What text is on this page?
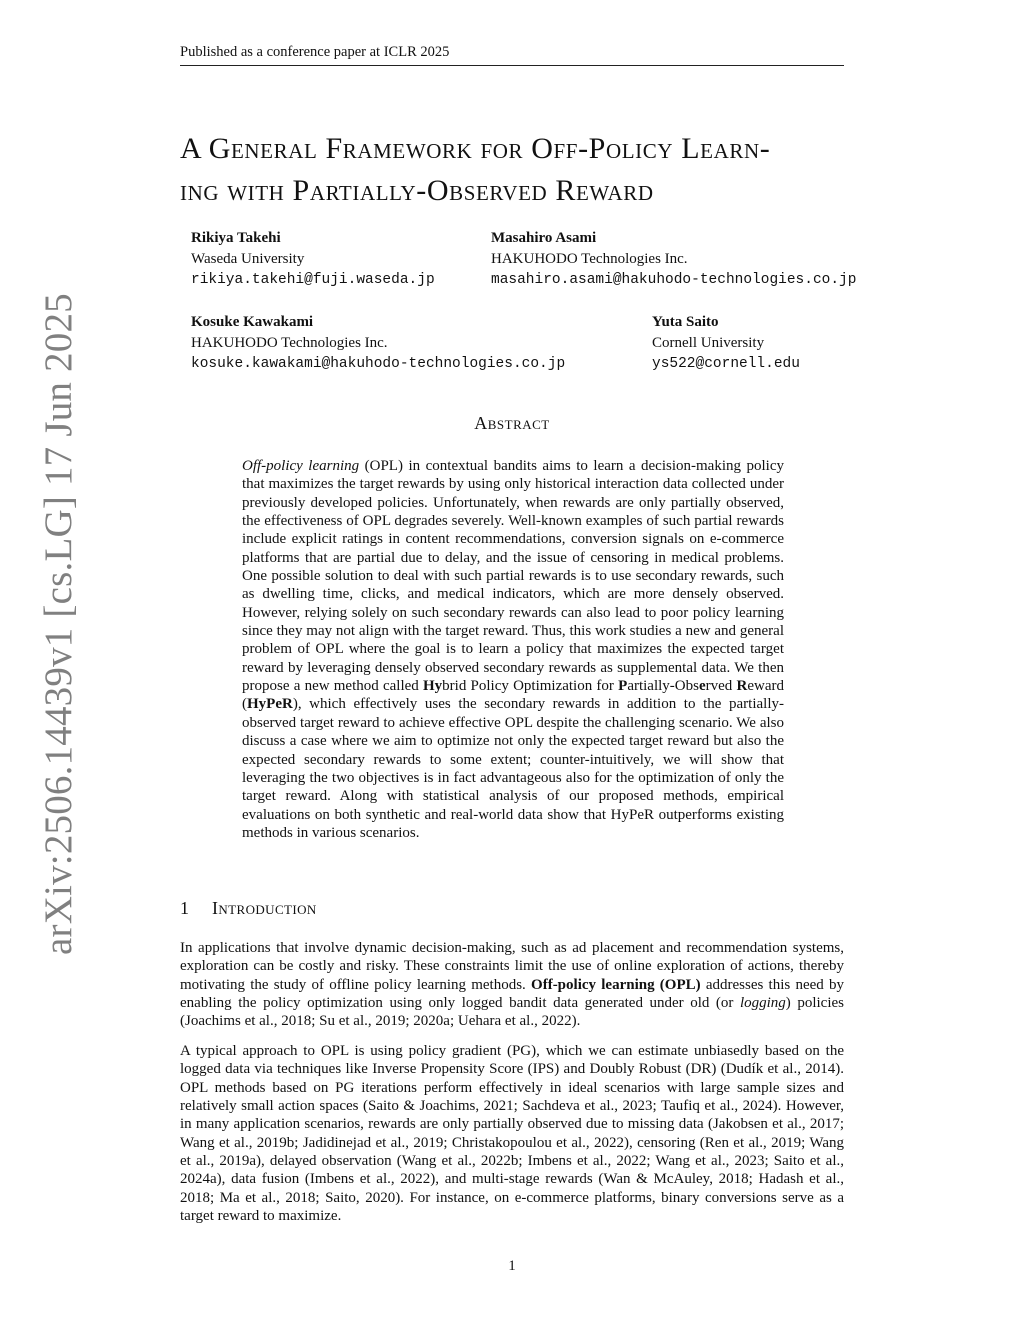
Published as a conference paper at ICLR 2025
arXiv:2506.14439v1 [cs.LG] 17 Jun 2025
A General Framework for Off-Policy Learn-
ing with Partially-Observed Reward
Rikiya Takehi
Waseda University
rikiya.takehi@fuji.waseda.jp
Masahiro Asami
HAKUHODO Technologies Inc.
masahiro.asami@hakuhodo-technologies.co.jp
Kosuke Kawakami
HAKUHODO Technologies Inc.
kosuke.kawakami@hakuhodo-technologies.co.jp
Yuta Saito
Cornell University
ys522@cornell.edu
Abstract
Off-policy learning (OPL) in contextual bandits aims to learn a decision-making policy that maximizes the target rewards by using only historical interaction data collected under previously developed policies. Unfortunately, when rewards are only partially observed, the effectiveness of OPL degrades severely. Well-known examples of such partial rewards include explicit ratings in content recommendations, conversion signals on e-commerce platforms that are partial due to delay, and the issue of censoring in medical problems. One possible solution to deal with such partial rewards is to use secondary rewards, such as dwelling time, clicks, and medical indicators, which are more densely observed. However, relying solely on such secondary rewards can also lead to poor policy learning since they may not align with the target reward. Thus, this work studies a new and general problem of OPL where the goal is to learn a policy that maximizes the expected target reward by leveraging densely observed secondary rewards as supplemental data. We then propose a new method called Hybrid Policy Optimization for Partially-Observed Reward (HyPeR), which effectively uses the secondary rewards in addition to the partially-observed target reward to achieve effective OPL despite the challenging scenario. We also discuss a case where we aim to optimize not only the expected target reward but also the expected secondary rewards to some extent; counter-intuitively, we will show that leveraging the two objectives is in fact advantageous also for the optimization of only the target reward. Along with statistical analysis of our proposed methods, empirical evaluations on both synthetic and real-world data show that HyPeR outperforms existing methods in various scenarios.
1 Introduction
In applications that involve dynamic decision-making, such as ad placement and recommendation systems, exploration can be costly and risky. These constraints limit the use of online exploration of actions, thereby motivating the study of offline policy learning methods. Off-policy learning (OPL) addresses this need by enabling the policy optimization using only logged bandit data generated under old (or logging) policies (Joachims et al., 2018; Su et al., 2019; 2020a; Uehara et al., 2022).
A typical approach to OPL is using policy gradient (PG), which we can estimate unbiasedly based on the logged data via techniques like Inverse Propensity Score (IPS) and Doubly Robust (DR) (Dudík et al., 2014). OPL methods based on PG iterations perform effectively in ideal scenarios with large sample sizes and relatively small action spaces (Saito & Joachims, 2021; Sachdeva et al., 2023; Taufiq et al., 2024). However, in many application scenarios, rewards are only partially observed due to missing data (Jakobsen et al., 2017; Wang et al., 2019b; Jadidinejad et al., 2019; Christakopoulou et al., 2022), censoring (Ren et al., 2019; Wang et al., 2019a), delayed observation (Wang et al., 2022b; Imbens et al., 2022; Wang et al., 2023; Saito et al., 2024a), data fusion (Imbens et al., 2022), and multi-stage rewards (Wan & McAuley, 2018; Hadash et al., 2018; Ma et al., 2018; Saito, 2020). For instance, on e-commerce platforms, binary conversions serve as a target reward to maximize.
1
